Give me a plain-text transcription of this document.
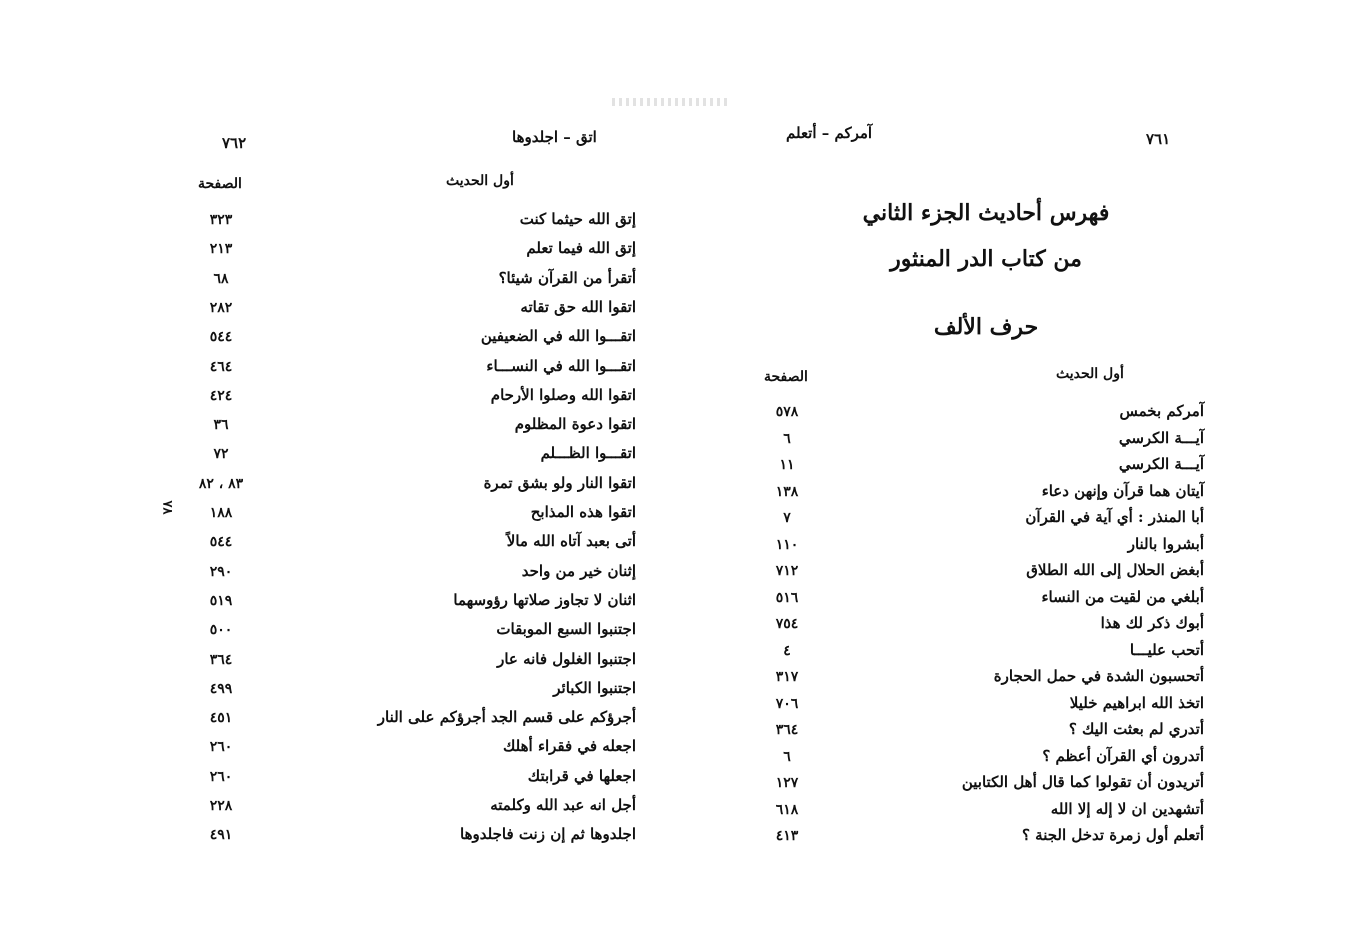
٧٦١
آمركم – أتعلم
فهرس أحاديث الجزء الثاني
من كتاب الدر المنثور
حرف الألف
أول الحديث
الصفحة
آمركم بخمس
٥٧٨
آيـــة الكرسي
٦
آيـــة الكرسي
١١
آيتان هما قرآن وإنهن دعاء
١٣٨
أبا المنذر : أي آية في القرآن
٧
أبشروا بالنار
١١٠
أبغض الحلال إلى الله الطلاق
٧١٢
أبلغي من لقيت من النساء
٥١٦
أبوك ذكر لك هذا
٧٥٤
أتحب عليـــا
٤
أتحسبون الشدة في حمل الحجارة
٣١٧
اتخذ الله ابراهيم خليلا
٧٠٦
أتدري لم بعثت اليك ؟
٣٦٤
أتدرون أي القرآن أعظم ؟
٦
أتريدون أن تقولوا كما قال أهل الكتابين
١٢٧
أتشهدين ان لا إله إلا الله
٦١٨
أتعلم أول زمرة تدخل الجنة ؟
٤١٣
٧٦٢	اتق – اجلدوها
أول الحديث
الصفحة
٧٨
إتق الله حيثما كنت
٣٢٣
إتق الله فيما تعلم
٢١٣
أتقرأ من القرآن شيئا؟
٦٨
اتقوا الله حق تقاته
٢٨٢
اتقـــوا الله في الضعيفين
٥٤٤
اتقـــوا الله في النســـاء
٤٦٤
اتقوا الله وصلوا الأرحام
٤٢٤
اتقوا دعوة المظلوم
٣٦
اتقـــوا الظـــلم
٧٢
اتقوا النار ولو بشق تمرة
٨٣ ، ٨٢
اتقوا هذه المذابح
١٨٨
أتى بعبد آتاه الله مالاً
٥٤٤
إثنان خير من واحد
٢٩٠
اثنان لا تجاوز صلاتها رؤوسهما
٥١٩
اجتنبوا السبع الموبقات
٥٠٠
اجتنبوا الغلول فانه عار
٣٦٤
اجتنبوا الكبائر
٤٩٩
أجرؤكم على قسم الجد أجرؤكم على النار
٤٥١
اجعله في فقراء أهلك
٢٦٠
اجعلها في قرابتك
٢٦٠
أجل انه عبد الله وكلمته
٢٢٨
اجلدوها ثم إن زنت فاجلدوها
٤٩١
